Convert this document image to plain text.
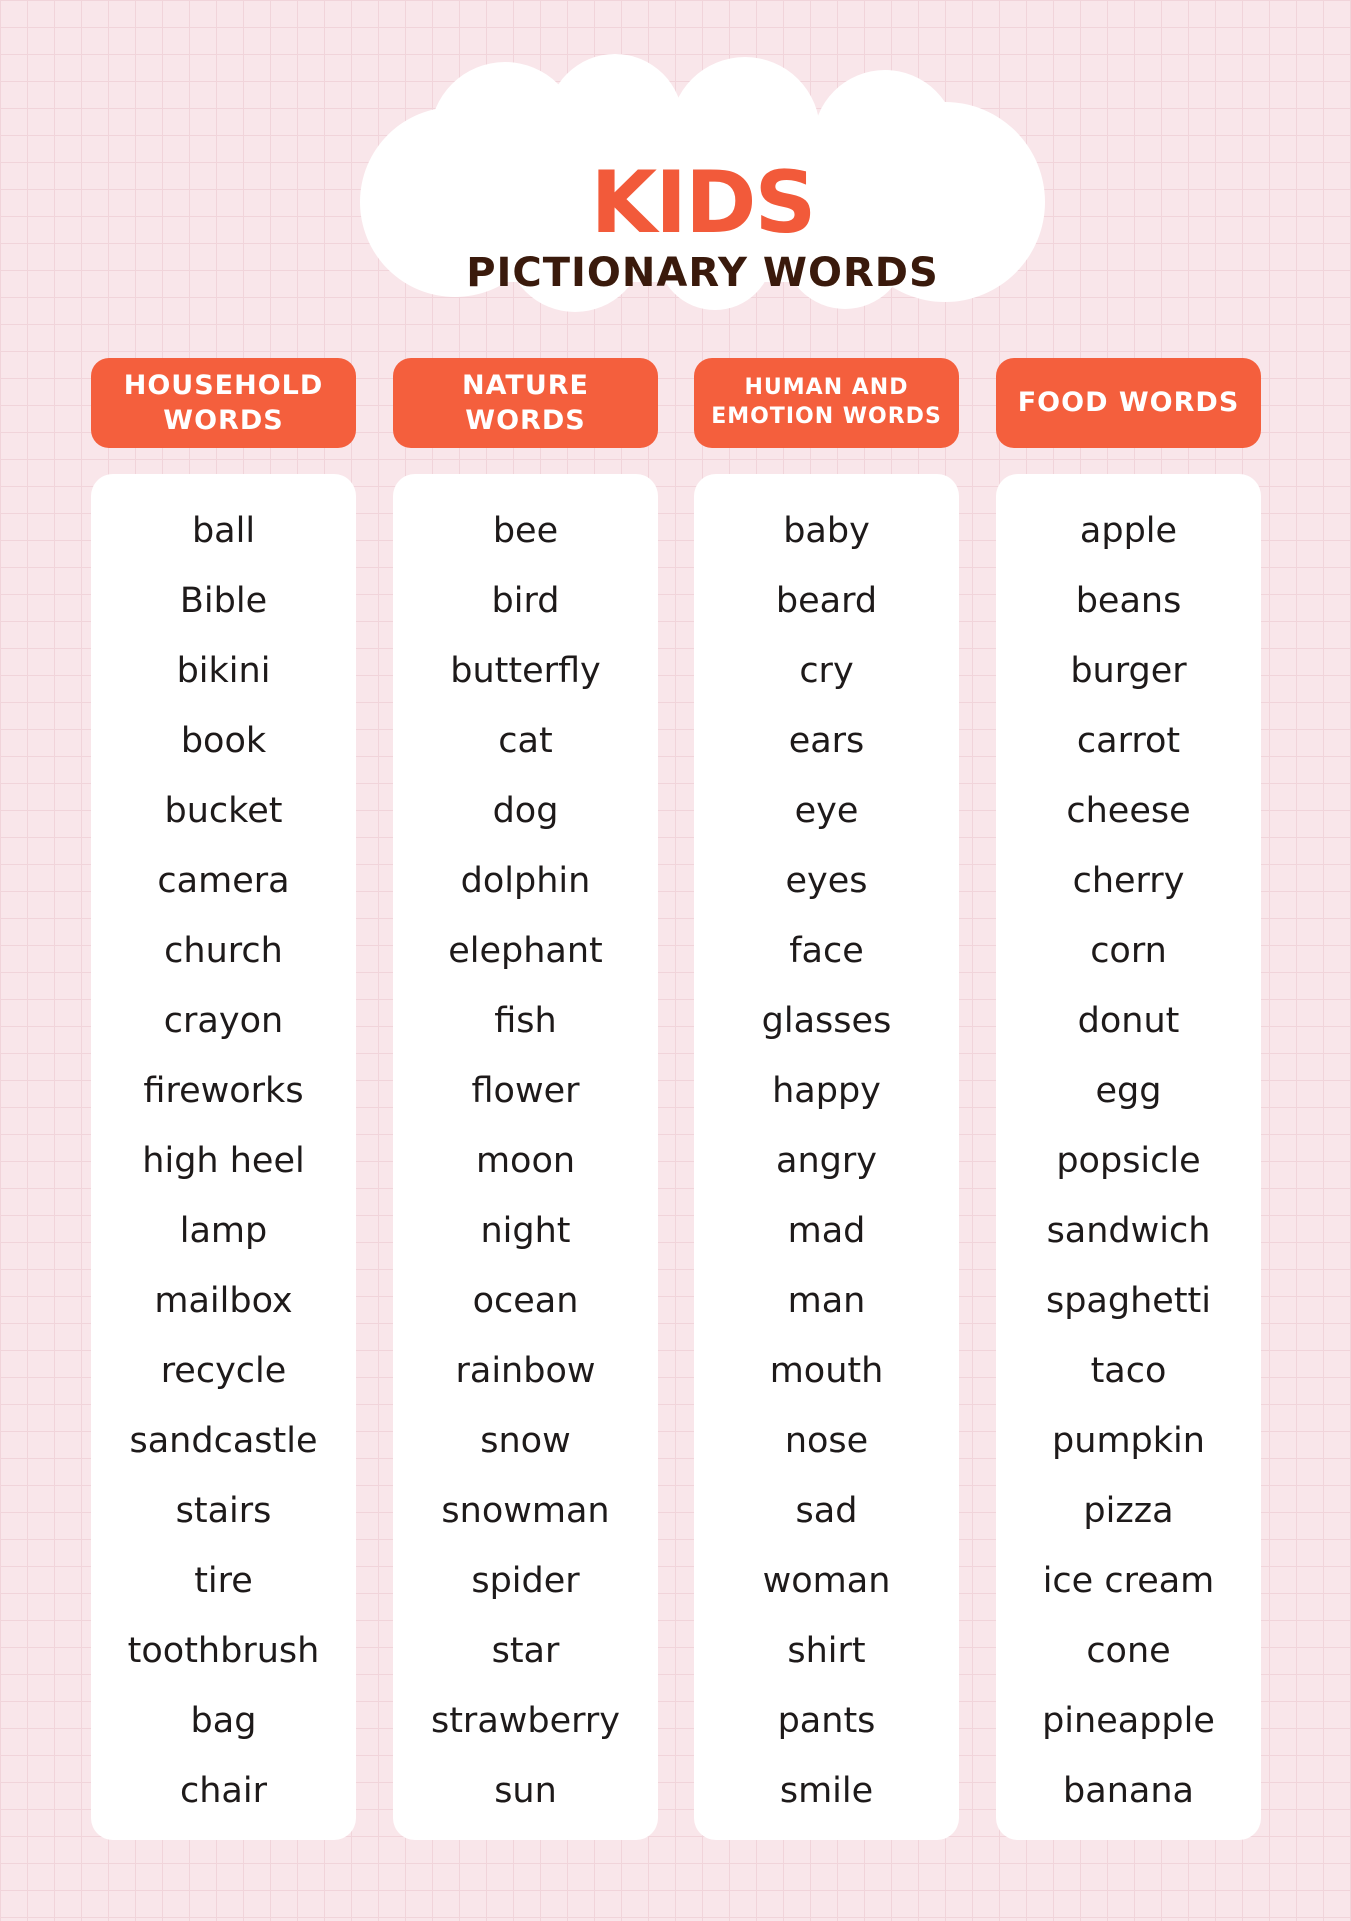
KIDS
PICTIONARY WORDS
HOUSEHOLD WORDS
ball
Bible
bikini
book
bucket
camera
church
crayon
fireworks
high heel
lamp
mailbox
recycle
sandcastle
stairs
tire
toothbrush
bag
chair
NATURE WORDS
bee
bird
butterfly
cat
dog
dolphin
elephant
fish
flower
moon
night
ocean
rainbow
snow
snowman
spider
star
strawberry
sun
HUMAN AND EMOTION WORDS
baby
beard
cry
ears
eye
eyes
face
glasses
happy
angry
mad
man
mouth
nose
sad
woman
shirt
pants
smile
FOOD WORDS
apple
beans
burger
carrot
cheese
cherry
corn
donut
egg
popsicle
sandwich
spaghetti
taco
pumpkin
pizza
ice cream
cone
pineapple
banana
